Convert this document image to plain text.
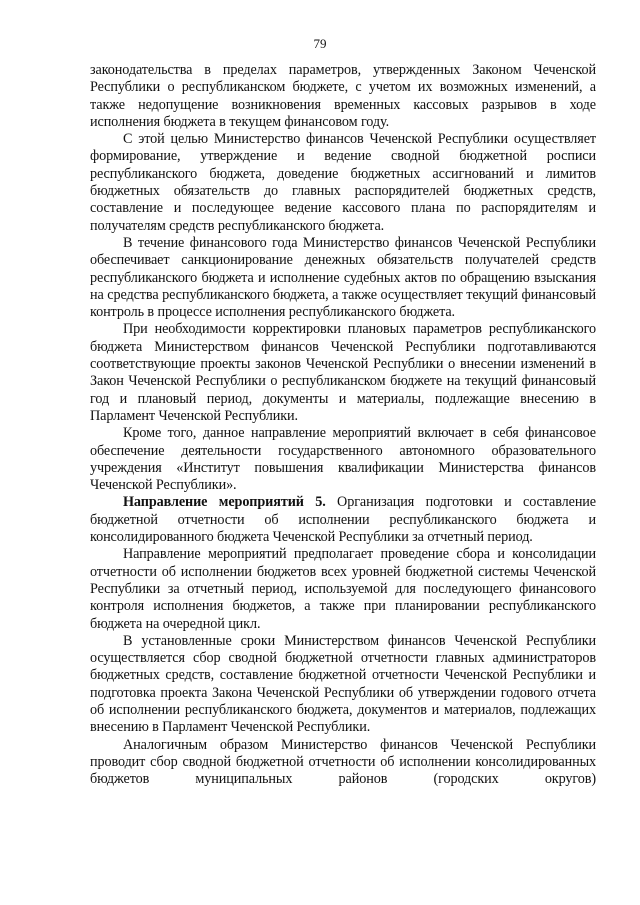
79

законодательства в пределах параметров, утвержденных Законом Чеченской Республики о республиканском бюджете, с учетом их возможных изменений, а также недопущение возникновения временных кассовых разрывов в ходе исполнения бюджета в текущем финансовом году.

С этой целью Министерство финансов Чеченской Республики осуществляет формирование, утверждение и ведение сводной бюджетной росписи республиканского бюджета, доведение бюджетных ассигнований и лимитов бюджетных обязательств до главных распорядителей бюджетных средств, составление и последующее ведение кассового плана по распорядителям и получателям средств республиканского бюджета.

В течение финансового года Министерство финансов Чеченской Республики обеспечивает санкционирование денежных обязательств получателей средств республиканского бюджета и исполнение судебных актов по обращению взыскания на средства республиканского бюджета, а также осуществляет текущий финансовый контроль в процессе исполнения республиканского бюджета.

При необходимости корректировки плановых параметров республиканского бюджета Министерством финансов Чеченской Республики подготавливаются соответствующие проекты законов Чеченской Республики о внесении изменений в Закон Чеченской Республики о республиканском бюджете на текущий финансовый год и плановый период, документы и материалы, подлежащие внесению в Парламент Чеченской Республики.

Кроме того, данное направление мероприятий включает в себя финансовое обеспечение деятельности государственного автономного образовательного учреждения «Институт повышения квалификации Министерства финансов Чеченской Республики».

Направление мероприятий 5. Организация подготовки и составление бюджетной отчетности об исполнении республиканского бюджета и консолидированного бюджета Чеченской Республики за отчетный период.

Направление мероприятий предполагает проведение сбора и консолидации отчетности об исполнении бюджетов всех уровней бюджетной системы Чеченской Республики за отчетный период, используемой для последующего финансового контроля исполнения бюджетов, а также при планировании республиканского бюджета на очередной цикл.

В установленные сроки Министерством финансов Чеченской Республики осуществляется сбор сводной бюджетной отчетности главных администраторов бюджетных средств, составление бюджетной отчетности Чеченской Республики и подготовка проекта Закона Чеченской Республики об утверждении годового отчета об исполнении республиканского бюджета, документов и материалов, подлежащих внесению в Парламент Чеченской Республики.

Аналогичным образом Министерство финансов Чеченской Республики проводит сбор сводной бюджетной отчетности об исполнении консолидированных бюджетов муниципальных районов (городских округов)
